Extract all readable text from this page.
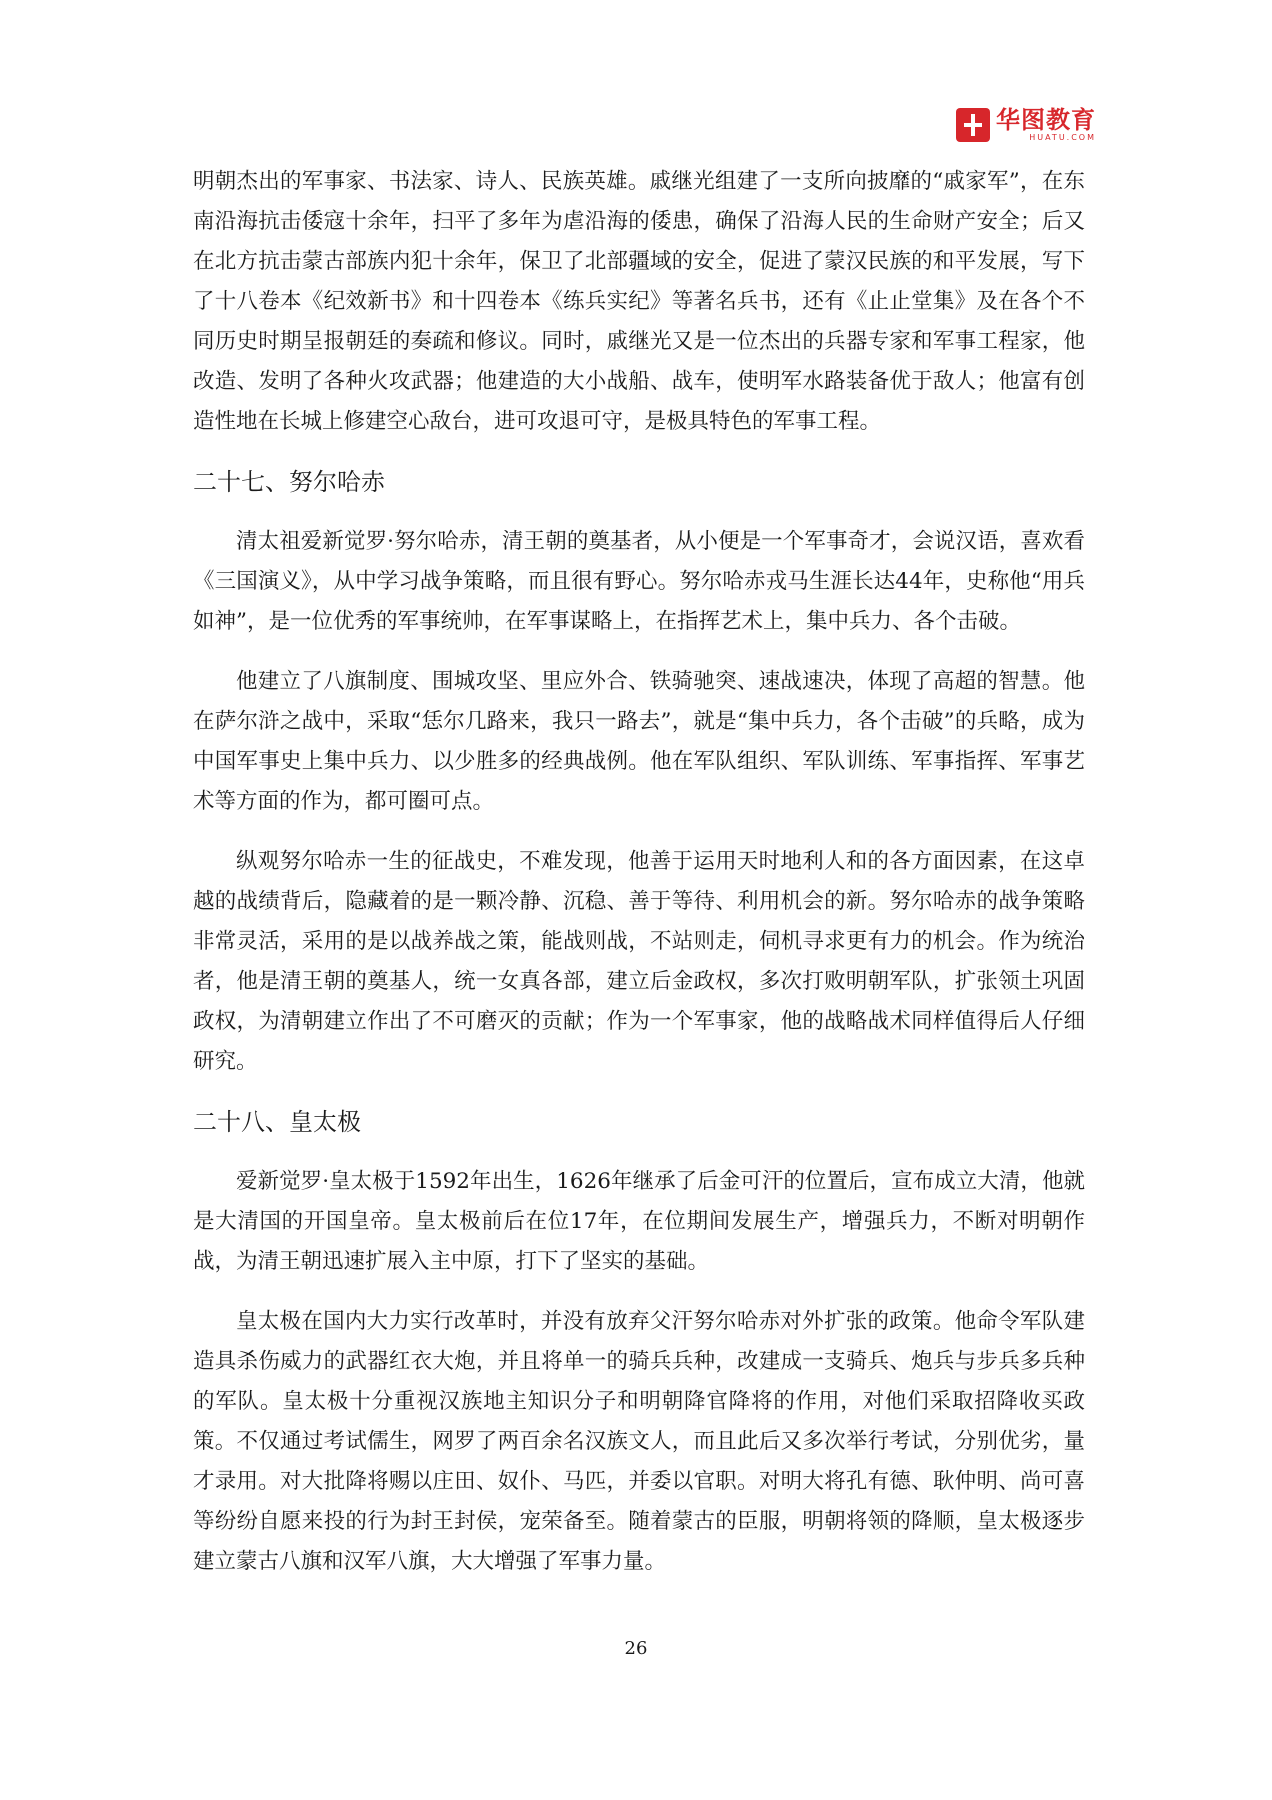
华图教育
HUATU.COM

明朝杰出的军事家、书法家、诗人、民族英雄。戚继光组建了一支所向披靡的“戚家军”，在东南沿海抗击倭寇十余年，扫平了多年为虐沿海的倭患，确保了沿海人民的生命财产安全；后又在北方抗击蒙古部族内犯十余年，保卫了北部疆域的安全，促进了蒙汉民族的和平发展，写下了十八卷本《纪效新书》和十四卷本《练兵实纪》等著名兵书，还有《止止堂集》及在各个不同历史时期呈报朝廷的奏疏和修议。同时，戚继光又是一位杰出的兵器专家和军事工程家，他改造、发明了各种火攻武器；他建造的大小战船、战车，使明军水路装备优于敌人；他富有创造性地在长城上修建空心敌台，进可攻退可守，是极具特色的军事工程。

二十七、努尔哈赤

清太祖爱新觉罗·努尔哈赤，清王朝的奠基者，从小便是一个军事奇才，会说汉语，喜欢看《三国演义》，从中学习战争策略，而且很有野心。努尔哈赤戎马生涯长达44年，史称他“用兵如神”，是一位优秀的军事统帅，在军事谋略上，在指挥艺术上，集中兵力、各个击破。

他建立了八旗制度、围城攻坚、里应外合、铁骑驰突、速战速决，体现了高超的智慧。他在萨尔浒之战中，采取“恁尔几路来，我只一路去”，就是“集中兵力，各个击破”的兵略，成为中国军事史上集中兵力、以少胜多的经典战例。他在军队组织、军队训练、军事指挥、军事艺术等方面的作为，都可圈可点。

纵观努尔哈赤一生的征战史，不难发现，他善于运用天时地利人和的各方面因素，在这卓越的战绩背后，隐藏着的是一颗冷静、沉稳、善于等待、利用机会的新。努尔哈赤的战争策略非常灵活，采用的是以战养战之策，能战则战，不站则走，伺机寻求更有力的机会。作为统治者，他是清王朝的奠基人，统一女真各部，建立后金政权，多次打败明朝军队，扩张领土巩固政权，为清朝建立作出了不可磨灭的贡献；作为一个军事家，他的战略战术同样值得后人仔细研究。

二十八、皇太极

爱新觉罗·皇太极于1592年出生，1626年继承了后金可汗的位置后，宣布成立大清，他就是大清国的开国皇帝。皇太极前后在位17年，在位期间发展生产，增强兵力，不断对明朝作战，为清王朝迅速扩展入主中原，打下了坚实的基础。

皇太极在国内大力实行改革时，并没有放弃父汗努尔哈赤对外扩张的政策。他命令军队建造具杀伤威力的武器红衣大炮，并且将单一的骑兵兵种，改建成一支骑兵、炮兵与步兵多兵种的军队。皇太极十分重视汉族地主知识分子和明朝降官降将的作用，对他们采取招降收买政策。不仅通过考试儒生，网罗了两百余名汉族文人，而且此后又多次举行考试，分别优劣，量才录用。对大批降将赐以庄田、奴仆、马匹，并委以官职。对明大将孔有德、耿仲明、尚可喜等纷纷自愿来投的行为封王封侯，宠荣备至。随着蒙古的臣服，明朝将领的降顺，皇太极逐步建立蒙古八旗和汉军八旗，大大增强了军事力量。

26
